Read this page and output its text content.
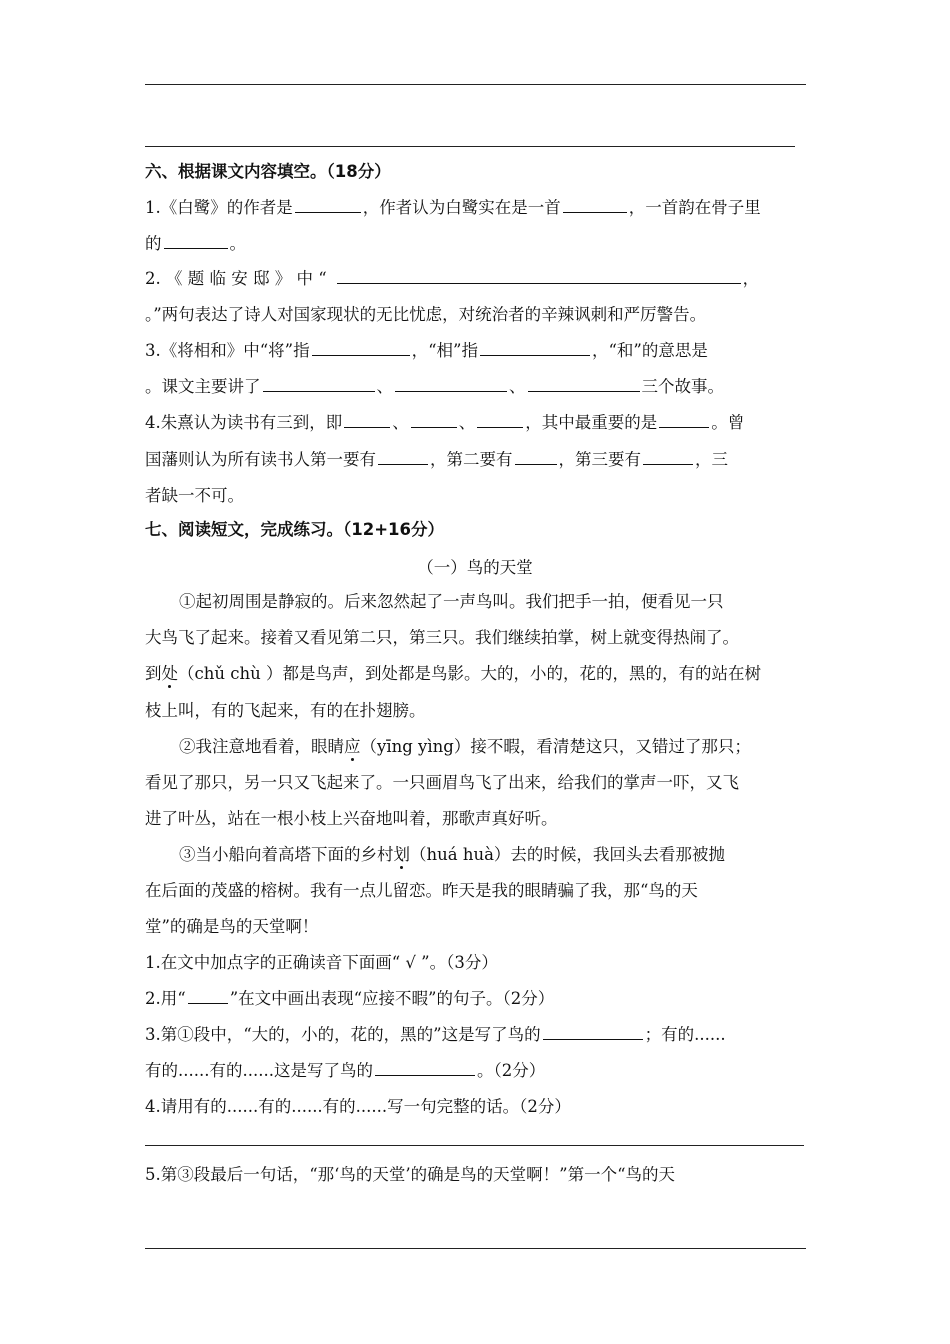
六、根据课文内容填空。（18分）
1.《白鹭》的作者是	，作者认为白鹭实在是一首	，一首韵在骨子里
的	。
2. 《 题 临 安 邸 》 中 “	，
。”两句表达了诗人对国家现状的无比忧虑，对统治者的辛辣讽刺和严厉警告。
3.《将相和》中“将”指	，“相”指	，“和”的意思是
。课文主要讲了	、	、	三个故事。
4.朱熹认为读书有三到，即	、	、	，其中最重要的是	。曾
国藩则认为所有读书人第一要有	，第二要有	，第三要有	，三
者缺一不可。
七、阅读短文，完成练习。（12+16分）
（一）鸟的天堂
①起初周围是静寂的。后来忽然起了一声鸟叫。我们把手一拍，便看见一只
大鸟飞了起来。接着又看见第二只，第三只。我们继续拍掌，树上就变得热闹了。
到处（chǔ chù ）都是鸟声，到处都是鸟影。大的，小的，花的，黑的，有的站在树
枝上叫，有的飞起来，有的在扑翅膀。
②我注意地看着，眼睛应（yīng yìng）接不暇，看清楚这只，又错过了那只；
看见了那只，另一只又飞起来了。一只画眉鸟飞了出来，给我们的掌声一吓，又飞
进了叶丛，站在一根小枝上兴奋地叫着，那歌声真好听。
③当小船向着高塔下面的乡村划（huá huà）去的时候，我回头去看那被抛
在后面的茂盛的榕树。我有一点儿留恋。昨天是我的眼睛骗了我，那“鸟的天
堂”的确是鸟的天堂啊！
1.在文中加点字的正确读音下面画“ √ ”。（3分）
2.用“	”在文中画出表现“应接不暇”的句子。（2分）
3.第①段中，“大的，小的，花的，黑的”这是写了鸟的	；有的......
有的......有的......这是写了鸟的	。（2分）
4.请用有的......有的......有的......写一句完整的话。（2分）
5.第③段最后一句话，“那‘鸟的天堂’的确是鸟的天堂啊！”第一个“鸟的天
